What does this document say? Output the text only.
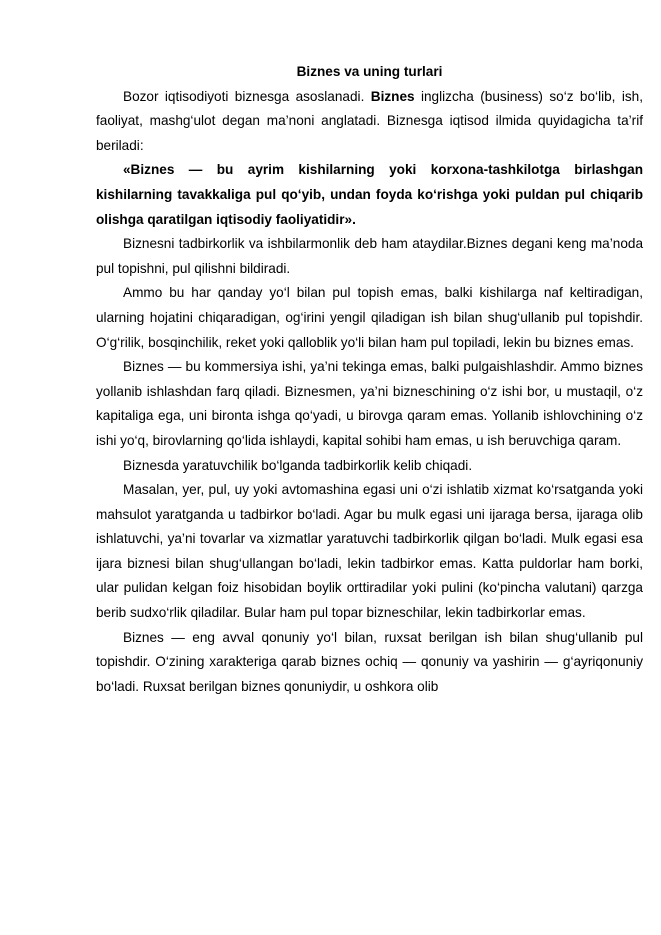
Biznes va uning turlari

Bozor iqtisodiyoti biznesga asoslanadi. Biznes inglizcha (business) so‘z bo‘lib, ish, faoliyat, mashg‘ulot degan ma’noni anglatadi. Biznesga iqtisod ilmida quyidagicha ta’rif beriladi:

«Biznes — bu ayrim kishilarning yoki korxona-tashkilotga birlashgan kishilarning tavakkaliga pul qo‘yib, undan foyda ko‘rishga yoki puldan pul chiqarib olishga qaratilgan iqtisodiy faoliyatidir».

Biznesni tadbirkorlik va ishbilarmonlik deb ham ataydilar.Biznes degani keng ma’noda pul topishni, pul qilishni bildiradi.

Ammo bu har qanday yo‘l bilan pul topish emas, balki kishilarga naf keltiradigan, ularning hojatini chiqaradigan, og‘irini yengil qiladigan ish bilan shug‘ullanib pul topishdir. O‘g‘rilik, bosqinchilik, reket yoki qalloblik yo‘li bilan ham pul topiladi, lekin bu biznes emas.

Biznes — bu kommersiya ishi, ya’ni tekinga emas, balki pulgaishlashdir. Ammo biznes yollanib ishlashdan farq qiladi. Biznesmen, ya’ni bizneschining o‘z ishi bor, u mustaqil, o‘z kapitaliga ega, uni bironta ishga qo‘yadi, u birovga qaram emas. Yollanib ishlovchining o‘z ishi yo‘q, birovlarning qo‘lida ishlaydi, kapital sohibi ham emas, u ish beruvchiga qaram.

Biznesda yaratuvchilik bo‘lganda tadbirkorlik kelib chiqadi.

Masalan, yer, pul, uy yoki avtomashina egasi uni o‘zi ishlatib xizmat ko‘rsatganda yoki mahsulot yaratganda u tadbirkor bo‘ladi. Agar bu mulk egasi uni ijaraga bersa, ijaraga olib ishlatuvchi, ya’ni tovarlar va xizmatlar yaratuvchi tadbirkorlik qilgan bo‘ladi. Mulk egasi esa ijara biznesi bilan shug‘ullangan bo‘ladi, lekin tadbirkor emas. Katta puldorlar ham borki, ular pulidan kelgan foiz hisobidan boylik orttiradilar yoki pulini (ko‘pincha valutani) qarzga berib sudxo‘rlik qiladilar. Bular ham pul topar bizneschilar, lekin tadbirkorlar emas.

Biznes — eng avval qonuniy yo‘l bilan, ruxsat berilgan ish bilan shug‘ullanib pul topishdir. O‘zining xarakteriga qarab biznes ochiq — qonuniy va yashirin — g‘ayriqonuniy bo‘ladi. Ruxsat berilgan biznes qonuniydir, u oshkora olib
